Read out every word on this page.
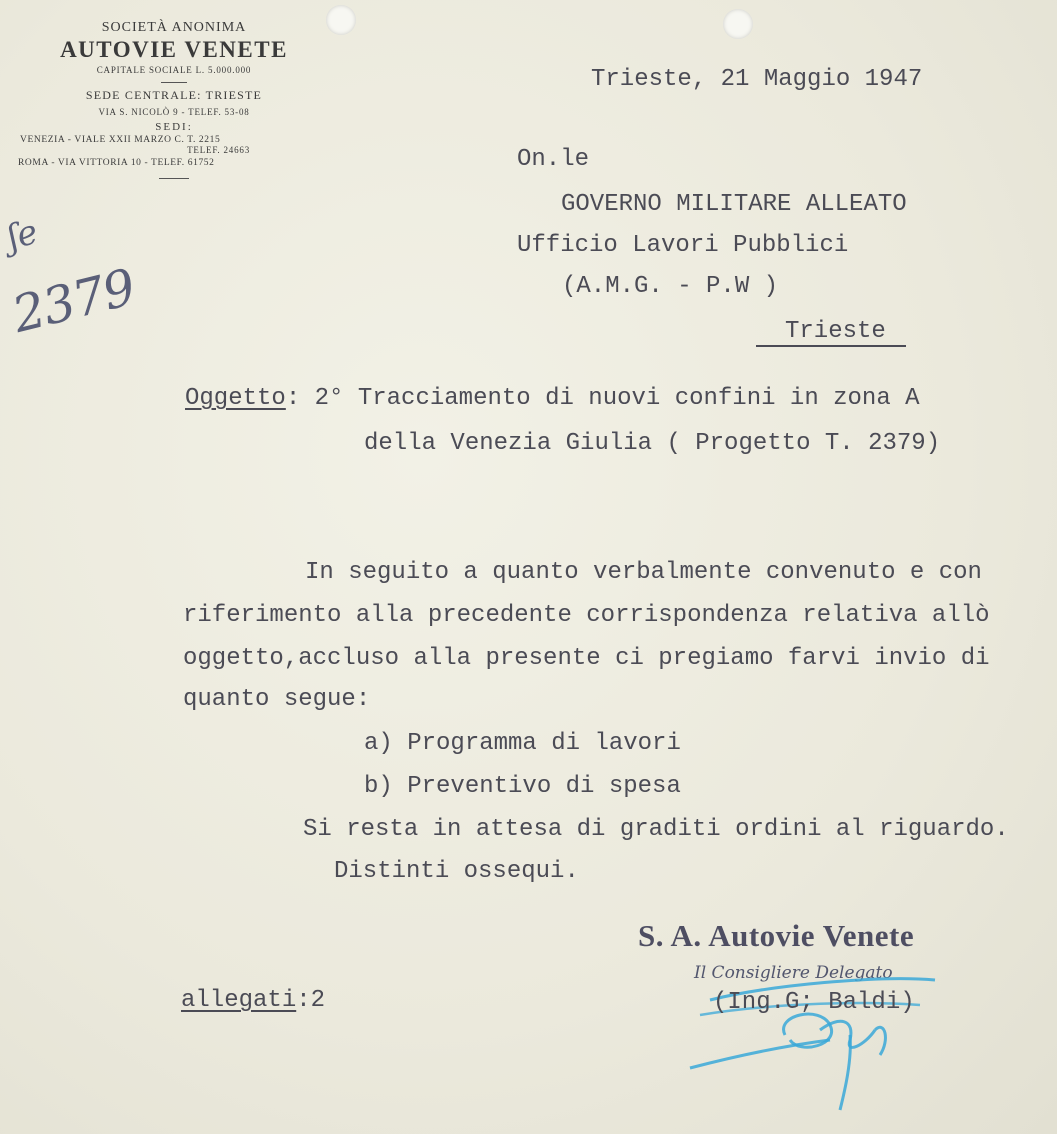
SOCIETÀ ANONIMA
AUTOVIE VENETE
CAPITALE SOCIALE L. 5.000.000
SEDE CENTRALE: TRIESTE
VIA S. NICOLÒ 9 - TELEF. 53-08
SEDI:
VENEZIA - VIALE XXII MARZO C. T. 2215
TELEF. 24663
ROMA - VIA VITTORIA 10 - TELEF. 61752
ʃe
2379
Trieste, 21 Maggio 1947
On.le
GOVERNO MILITARE ALLEATO
Ufficio Lavori Pubblici
(A.M.G. - P.W )
Trieste
Oggetto: 2° Tracciamento di nuovi confini in zona A
della Venezia Giulia ( Progetto T. 2379)
In seguito a quanto verbalmente convenuto e con
riferimento alla precedente corrispondenza relativa allò
oggetto,accluso alla presente ci pregiamo farvi invio di
quanto segue:
a) Programma di lavori
b) Preventivo di spesa
Si resta in attesa di graditi ordini al riguardo.
Distinti ossequi.
S. A. Autovie Venete
Il Consigliere Delegato
(Ing.G; Baldi)
allegati:2
